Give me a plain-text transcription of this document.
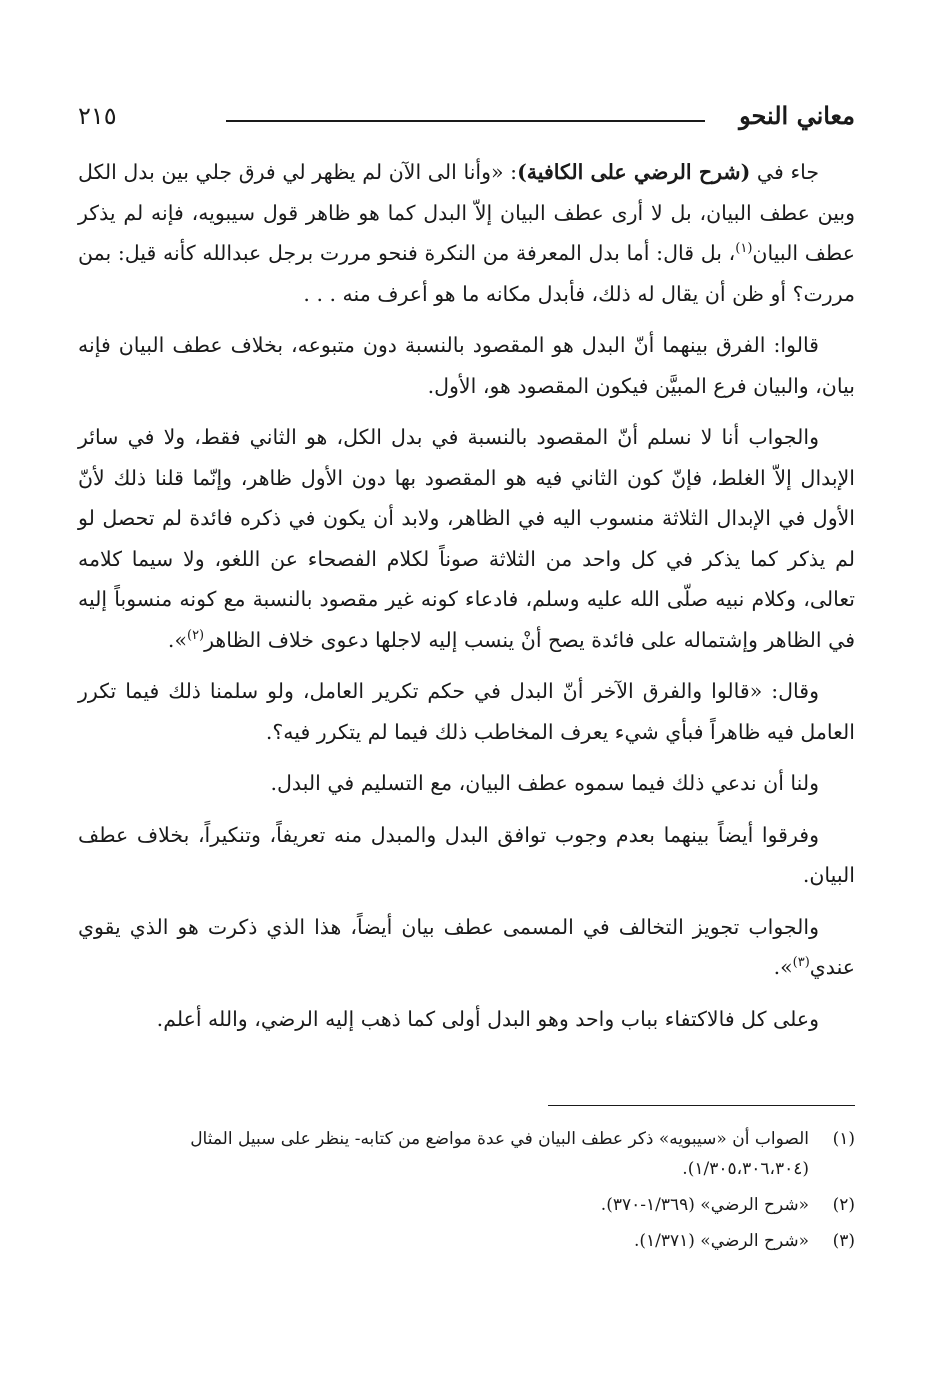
معاني النحو
٢١٥

جاء في (شرح الرضي على الكافية): «وأنا الى الآن لم يظهر لي فرق جلي بين بدل الكل وبين عطف البيان، بل لا أرى عطف البيان إلاّ البدل كما هو ظاهر قول سيبويه، فإنه لم يذكر عطف البيان$^{(١)}$، بل قال: أما بدل المعرفة من النكرة فنحو مررت برجل عبدالله كأنه قيل: بمن مررت؟ أو ظن أن يقال له ذلك، فأبدل مكانه ما هو أعرف منه . . .

قالوا: الفرق بينهما أنّ البدل هو المقصود بالنسبة دون متبوعه، بخلاف عطف البيان فإنه بيان، والبيان فرع المبيَّن فيكون المقصود هو، الأول.

والجواب أنا لا نسلم أنّ المقصود بالنسبة في بدل الكل، هو الثاني فقط، ولا في سائر الإبدال إلاّ الغلط، فإنّ كون الثاني فيه هو المقصود بها دون الأول ظاهر، وإنّما قلنا ذلك لأنّ الأول في الإبدال الثلاثة منسوب اليه في الظاهر، ولابد أن يكون في ذكره فائدة لم تحصل لو لم يذكر كما يذكر في كل واحد من الثلاثة صوناً لكلام الفصحاء عن اللغو، ولا سيما كلامه تعالى، وكلام نبيه صلّى الله عليه وسلم، فادعاء كونه غير مقصود بالنسبة مع كونه منسوباً إليه في الظاهر وإشتماله على فائدة يصح أنْ ينسب إليه لاجلها دعوى خلاف الظاهر$^{(٢)}$».

وقال: «قالوا والفرق الآخر أنّ البدل في حكم تكرير العامل، ولو سلمنا ذلك فيما تكرر العامل فيه ظاهراً فبأي شيء يعرف المخاطب ذلك فيما لم يتكرر فيه؟.

ولنا أن ندعي ذلك فيما سموه عطف البيان، مع التسليم في البدل.

وفرقوا أيضاً بينهما بعدم وجوب توافق البدل والمبدل منه تعريفاً، وتنكيراً، بخلاف عطف البيان.

والجواب تجويز التخالف في المسمى عطف بيان أيضاً، هذا الذي ذكرت هو الذي يقوي عندي$^{(٣)}$».

وعلى كل فالاكتفاء بباب واحد وهو البدل أولى كما ذهب إليه الرضي، والله أعلم.

(١)
الصواب أن «سيبويه» ذكر عطف البيان في عدة مواضع من كتابه- ينظر على سبيل المثال (١/٣٠٥،٣٠٦،٣٠٤).

(٢)
«شرح الرضي» (١/٣٦٩-٣٧٠).

(٣)
«شرح الرضي» (١/٣٧١).
